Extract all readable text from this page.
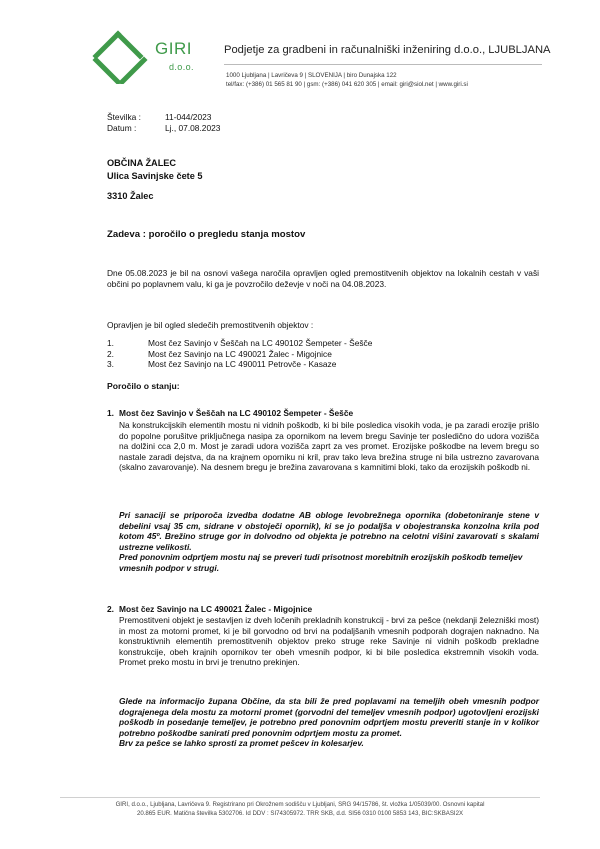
GIRI
d.o.o.
Podjetje za gradbeni in računalniški inženiring d.o.o., LJUBLJANA
1000 Ljubljana | Lavričeva 9 | SLOVENIJA | biro Dunajska 122
tel/fax: (+386) 01 565 81 90 | gsm: (+386) 041 620 305 | email: giri@siol.net | www.giri.si
Številka :	11-044/2023
Datum :	Lj., 07.08.2023
OBČINA ŽALEC
Ulica Savinjske čete 5
3310 Žalec
Zadeva : poročilo o pregledu stanja mostov
Dne 05.08.2023 je bil na osnovi vašega naročila opravljen ogled premostitvenih objektov na lokalnih cestah v vaši občini po poplavnem valu, ki ga je povzročilo deževje v noči na 04.08.2023.
Opravljen je bil ogled sledečih premostitvenih objektov :
1.	Most čez Savinjo v Šeščah na LC 490102 Šempeter - Šešče
2.	Most čez Savinjo na LC 490021 Žalec - Migojnice
3.	Most čez Savinjo na LC 490011 Petrovče - Kasaze
Poročilo o stanju:
1. Most čez Savinjo v Šeščah na LC 490102 Šempeter - Šešče
Na konstrukcijskih elementih mostu ni vidnih poškodb, ki bi bile posledica visokih voda, je pa zaradi erozije prišlo do popolne porušitve priključnega nasipa za opornikom na levem bregu Savinje ter posledično do udora vozišča na dolžini cca 2,0 m. Most je zaradi udora vozišča zaprt za ves promet. Erozijske poškodbe na levem bregu so nastale zaradi dejstva, da na krajnem oporniku ni kril, prav tako leva brežina struge ni bila ustrezno zavarovana (skalno zavarovanje). Na desnem bregu je brežina zavarovana s kamnitimi bloki, tako da erozijskih poškodb ni.
Pri sanaciji se priporoča izvedba dodatne AB obloge levobrežnega opornika (dobetoniranje stene v debelini vsaj 35 cm, sidrane v obstoječi opornik), ki se jo podaljša v obojestranska konzolna krila pod kotom 45º. Brežino struge gor in dolvodno od objekta je potrebno na celotni višini zavarovati s skalami ustrezne velikosti.
Pred ponovnim odprtjem mostu naj se preveri tudi prisotnost morebitnih erozijskih poškodb temeljev vmesnih podpor v strugi.
2. Most čez Savinjo na LC 490021 Žalec - Migojnice
Premostitveni objekt je sestavljen iz dveh ločenih prekladnih konstrukcij - brvi za pešce (nekdanji železniški most) in most za motorni promet, ki je bil gorvodno od brvi na podaljšanih vmesnih podporah dograjen naknadno. Na konstruktivnih elementih premostitvenih objektov preko struge reke Savinje ni vidnih poškodb prekladne konstrukcije, obeh krajnih opornikov ter obeh vmesnih podpor, ki bi bile posledica ekstremnih visokih voda. Promet preko mostu in brvi je trenutno prekinjen.
Glede na informacijo župana Občine, da sta bili že pred poplavami na temeljih obeh vmesnih podpor dograjenega dela mostu za motorni promet (gorvodni del temeljev vmesnih podpor) ugotovljeni erozijski poškodb in posedanje temeljev, je potrebno pred ponovnim odprtjem mostu preveriti stanje in v kolikor potrebno poškodbe sanirati pred ponovnim odprtjem mostu za promet.
Brv za pešce se lahko sprosti za promet pešcev in kolesarjev.
GIRI, d.o.o., Ljubljana, Lavričeva 9. Registrirano pri Okrožnem sodišču v Ljubljani, SRG 94/15786, št. vložka 1/05039/00. Osnovni kapital
20.865 EUR. Matična številka 5302706. Id DDV : SI74305972. TRR SKB, d.d. SI56 0310 0100 5853 143, BIC:SKBASI2X
